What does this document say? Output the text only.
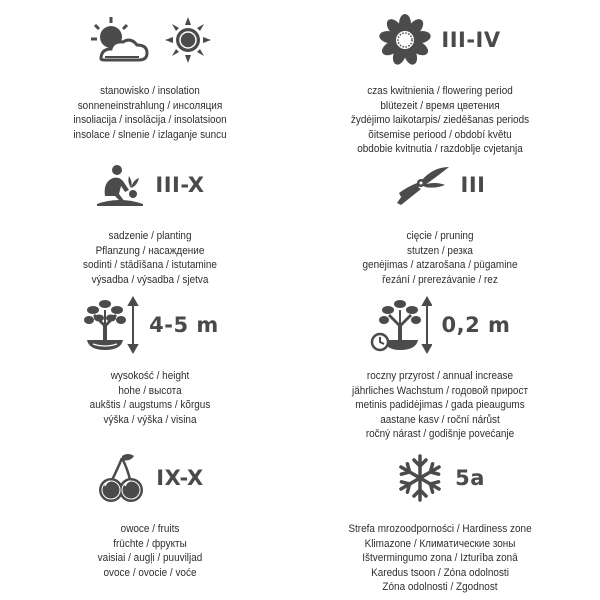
stanowisko / insolation
sonneneinstrahlung / инсоляция
insoliacija / insolācija / insolatsioon
insolace / slnenie / izlaganje suncu
III-IV
czas kwitnienia / flowering period
blütezeit / время цветения
žydėjimo laikotarpis/ ziedēšanas periods
õitsemise periood / období květu
obdobie kvitnutia / razdoblje cvjetanja
III-X
sadzenie / planting
Pflanzung / насаждение
sodinti / stādīšana / istutamine
výsadba / výsadba / sjetva
III
cięcie / pruning
stutzen / резка
genėjimas / atzarošana / pügamine
řezání / prerezávanie / rez
4-5 m
wysokość / height
hohe / высота
aukštis / augstums / kõrgus
výška / výška / visina
0,2 m
roczny przyrost / annual increase
jährliches Wachstum / годовой прирост
metinis padidėjimas / gada pieaugums
aastane kasv / roční nárůst
ročný nárast / godišnje povećanje
IX-X
owoce / fruits
früchte / фрукты
vaisiai / augļi / puuviljad
ovoce / ovocie / voće
5a
Strefa mrozoodporności / Hardiness zone
Klimazone / Климатические зоны
Ištvermingumo zona / Izturība zonā
Karedus tsoon / Zóna odolnosti
Zóna odolnosti / Zgodnost
